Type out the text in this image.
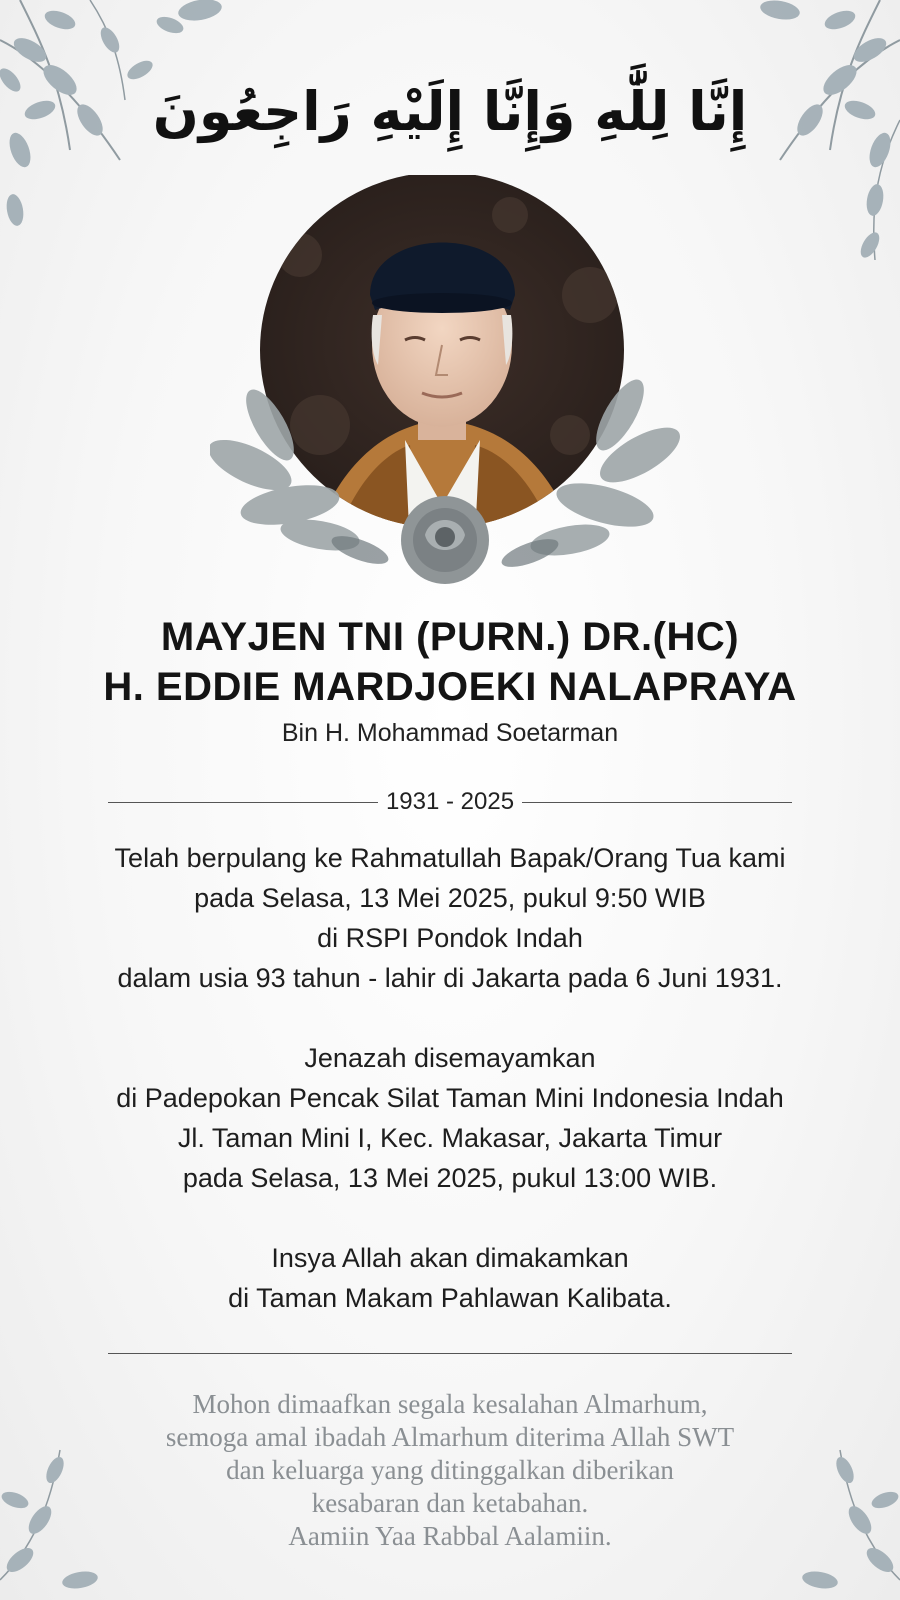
إِنَّا لِلَّٰهِ وَإِنَّا إِلَيْهِ رَاجِعُونَ
MAYJEN TNI (PURN.) DR.(HC)
H. EDDIE MARDJOEKI NALAPRAYA
Bin H. Mohammad Soetarman
1931 - 2025
Telah berpulang ke Rahmatullah Bapak/Orang Tua kami
pada Selasa, 13 Mei 2025, pukul 9:50 WIB
di RSPI Pondok Indah
dalam usia 93 tahun - lahir di Jakarta pada 6 Juni 1931.
Jenazah disemayamkan
di Padepokan Pencak Silat Taman Mini Indonesia Indah
Jl. Taman Mini I, Kec. Makasar, Jakarta Timur
pada Selasa, 13 Mei 2025, pukul 13:00 WIB.
Insya Allah akan dimakamkan
di Taman Makam Pahlawan Kalibata.
Mohon dimaafkan segala kesalahan Almarhum,
semoga amal ibadah Almarhum diterima Allah SWT
dan keluarga yang ditinggalkan diberikan
kesabaran dan ketabahan.
Aamiin Yaa Rabbal Aalamiin.
